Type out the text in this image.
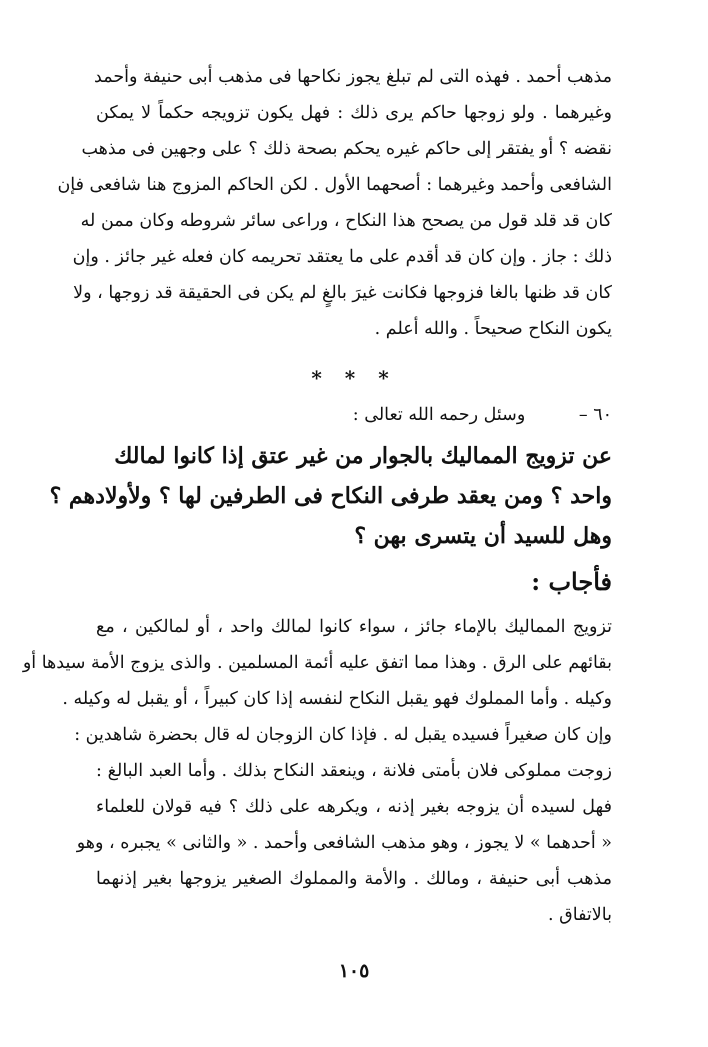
مذهب أحمد . فهذه التى لم تبلغ يجوز نكاحها فى مذهب أبى حنيفة وأحمد
وغيرهما . ولو زوجها حاكم يرى ذلك : فهل يكون تزويجه حكماً لا يمكن
نقضه ؟ أو يفتقر إلى حاكم غيره يحكم بصحة ذلك ؟ على وجهين فى مذهب
الشافعى وأحمد وغيرهما : أصحهما الأول . لكن الحاكم المزوج هنا شافعى فإن
كان قد قلد قول من يصحح هذا النكاح ، وراعى سائر شروطه وكان ممن له
ذلك : جاز . وإن كان قد أقدم على ما يعتقد تحريمه كان فعله غير جائز . وإن
كان قد ظنها بالغا فزوجها فكانت غيرَ بالغٍ لم يكن فى الحقيقة قد زوجها ، ولا
يكون النكاح صحيحاً . والله أعلم .
* * *
٦٠ – وسئل رحمه الله تعالى :
عن تزويج المماليك بالجوار من غير عتق إذا كانوا لمالك
واحد ؟ ومن يعقد طرفى النكاح فى الطرفين لها ؟ ولأولادهم ؟
وهل للسيد أن يتسرى بهن ؟
فأجاب :
تزويج المماليك بالإماء جائز ، سواء كانوا لمالك واحد ، أو لمالكين ، مع
بقائهم على الرق . وهذا مما اتفق عليه أئمة المسلمين . والذى يزوج الأمة سيدها أو
وكيله . وأما المملوك فهو يقبل النكاح لنفسه إذا كان كبيراً ، أو يقبل له وكيله .
وإن كان صغيراً فسيده يقبل له . فإذا كان الزوجان له قال بحضرة شاهدين :
زوجت مملوكى فلان بأمتى فلانة ، وينعقد النكاح بذلك . وأما العبد البالغ :
فهل لسيده أن يزوجه بغير إذنه ، ويكرهه على ذلك ؟ فيه قولان للعلماء
« أحدهما » لا يجوز ، وهو مذهب الشافعى وأحمد . « والثانى » يجبره ، وهو
مذهب أبى حنيفة ، ومالك . والأمة والمملوك الصغير يزوجها بغير إذنهما
بالاتفاق .
١٠٥
